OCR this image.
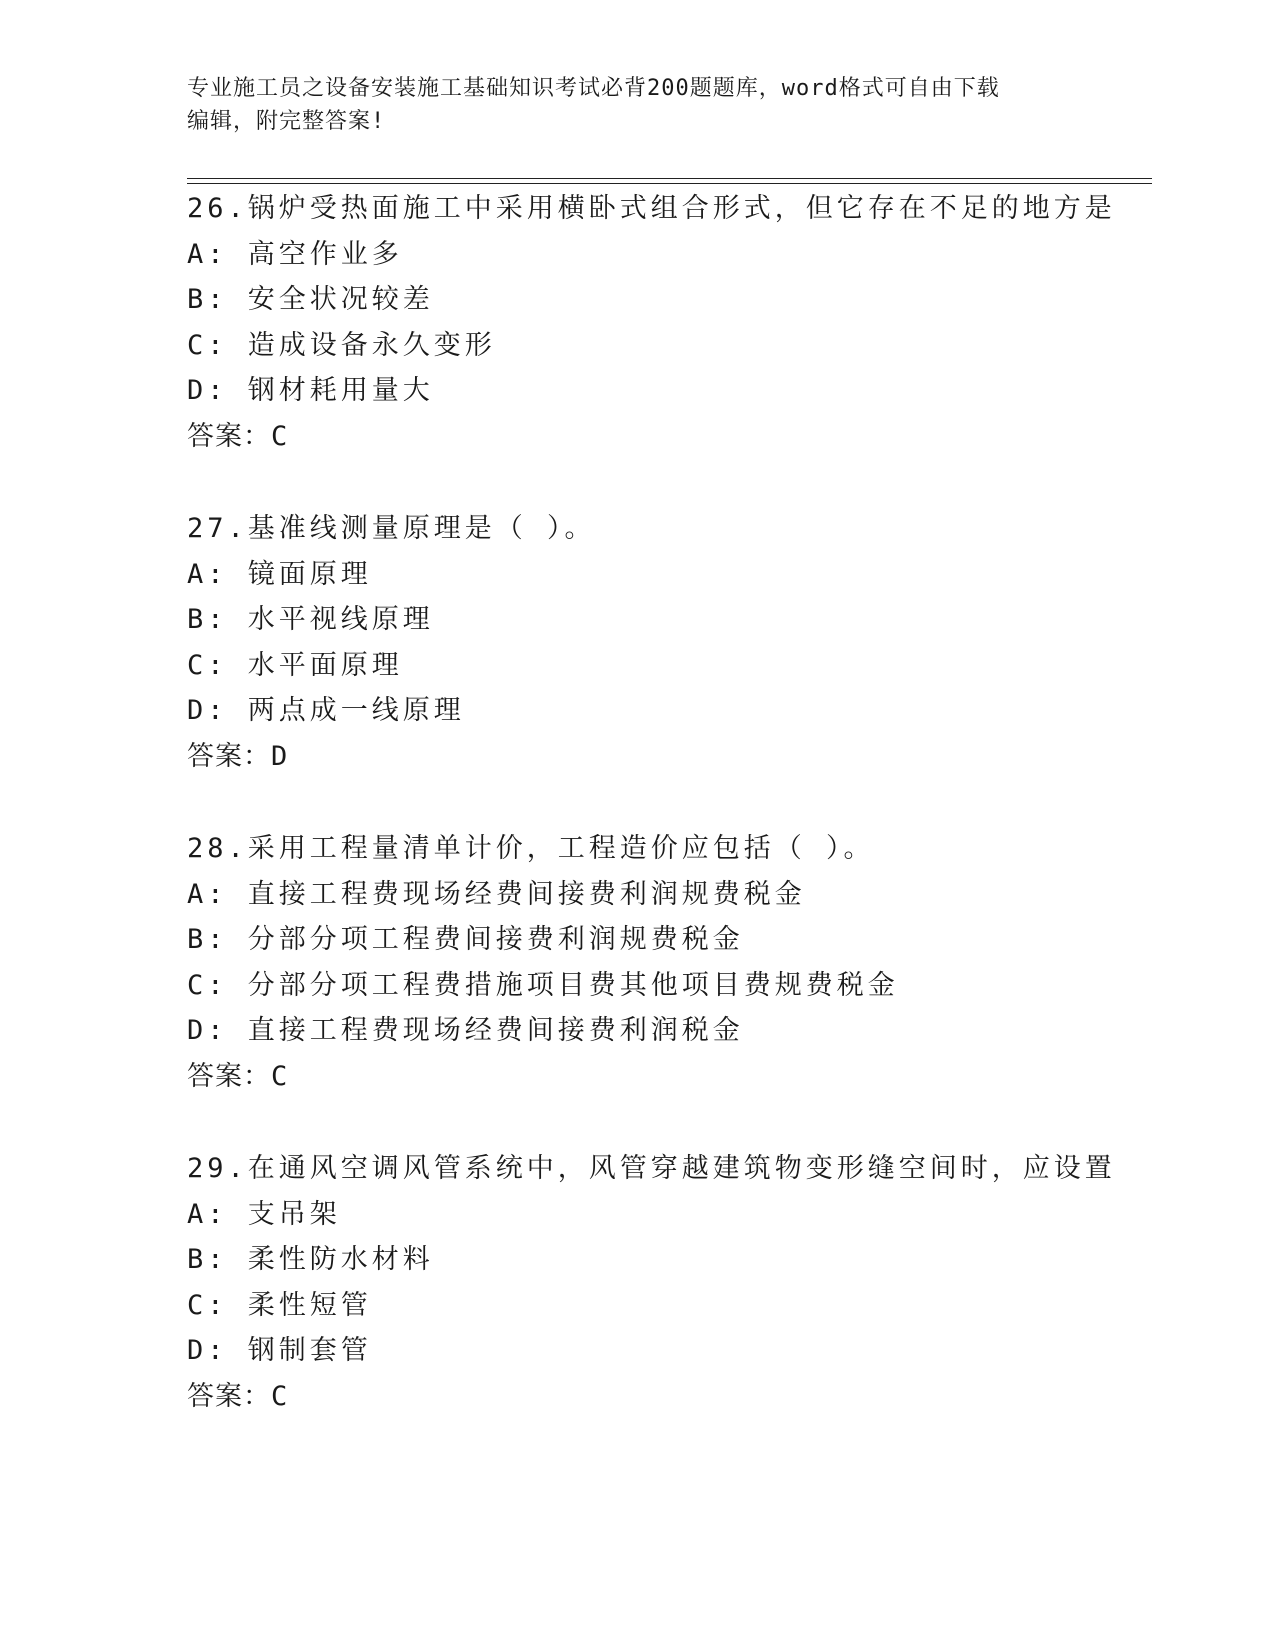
专业施工员之设备安装施工基础知识考试必背200题题库，word格式可自由下载
编辑，附完整答案!
26.锅炉受热面施工中采用横卧式组合形式，但它存在不足的地方是
A: 高空作业多
B: 安全状况较差
C: 造成设备永久变形
D: 钢材耗用量大
答案：C
27.基准线测量原理是（ ）。
A: 镜面原理
B: 水平视线原理
C: 水平面原理
D: 两点成一线原理
答案：D
28.采用工程量清单计价，工程造价应包括（ ）。
A: 直接工程费现场经费间接费利润规费税金
B: 分部分项工程费间接费利润规费税金
C: 分部分项工程费措施项目费其他项目费规费税金
D: 直接工程费现场经费间接费利润税金
答案：C
29.在通风空调风管系统中，风管穿越建筑物变形缝空间时，应设置
A: 支吊架
B: 柔性防水材料
C: 柔性短管
D: 钢制套管
答案：C
